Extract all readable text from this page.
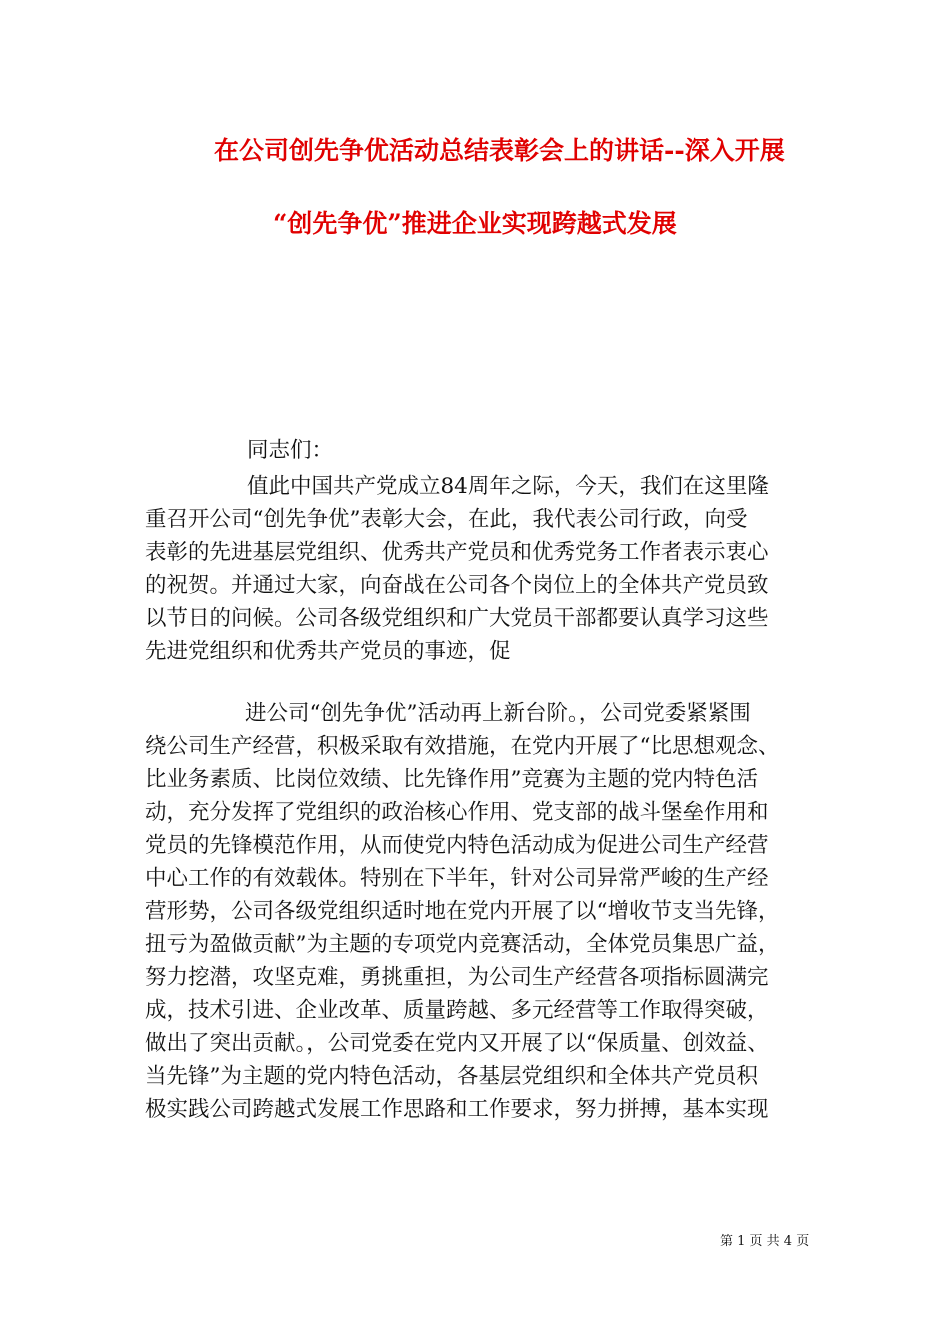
在公司创先争优活动总结表彰会上的讲话--深入开展
“创先争优”推进企业实现跨越式发展
同志们：
值此中国共产党成立84周年之际，今天，我们在这里隆
重召开公司“创先争优”表彰大会，在此，我代表公司行政，向受
表彰的先进基层党组织、优秀共产党员和优秀党务工作者表示衷心
的祝贺。并通过大家，向奋战在公司各个岗位上的全体共产党员致
以节日的问候。公司各级党组织和广大党员干部都要认真学习这些
先进党组织和优秀共产党员的事迹，促
进公司“创先争优”活动再上新台阶。，公司党委紧紧围
绕公司生产经营，积极采取有效措施，在党内开展了“比思想观念、
比业务素质、比岗位效绩、比先锋作用”竞赛为主题的党内特色活
动，充分发挥了党组织的政治核心作用、党支部的战斗堡垒作用和
党员的先锋模范作用，从而使党内特色活动成为促进公司生产经营
中心工作的有效载体。特别在下半年，针对公司异常严峻的生产经
营形势，公司各级党组织适时地在党内开展了以“增收节支当先锋，
扭亏为盈做贡献”为主题的专项党内竞赛活动，全体党员集思广益，
努力挖潜，攻坚克难，勇挑重担，为公司生产经营各项指标圆满完
成，技术引进、企业改革、质量跨越、多元经营等工作取得突破，
做出了突出贡献。，公司党委在党内又开展了以“保质量、创效益、
当先锋”为主题的党内特色活动，各基层党组织和全体共产党员积
极实践公司跨越式发展工作思路和工作要求，努力拼搏，基本实现
第 1 页 共 4 页
